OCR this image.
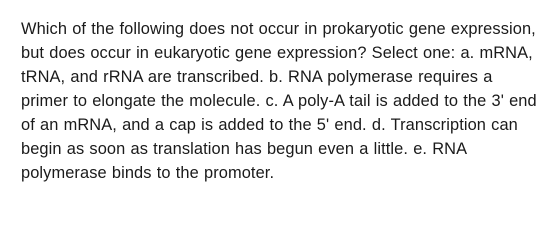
Which of the following does not occur in prokaryotic gene expression, but does occur in eukaryotic gene expression? Select one: a. mRNA, tRNA, and rRNA are transcribed. b. RNA polymerase requires a primer to elongate the molecule. c. A poly-A tail is added to the 3' end of an mRNA, and a cap is added to the 5' end. d. Transcription can begin as soon as translation has begun even a little. e. RNA polymerase binds to the promoter.
